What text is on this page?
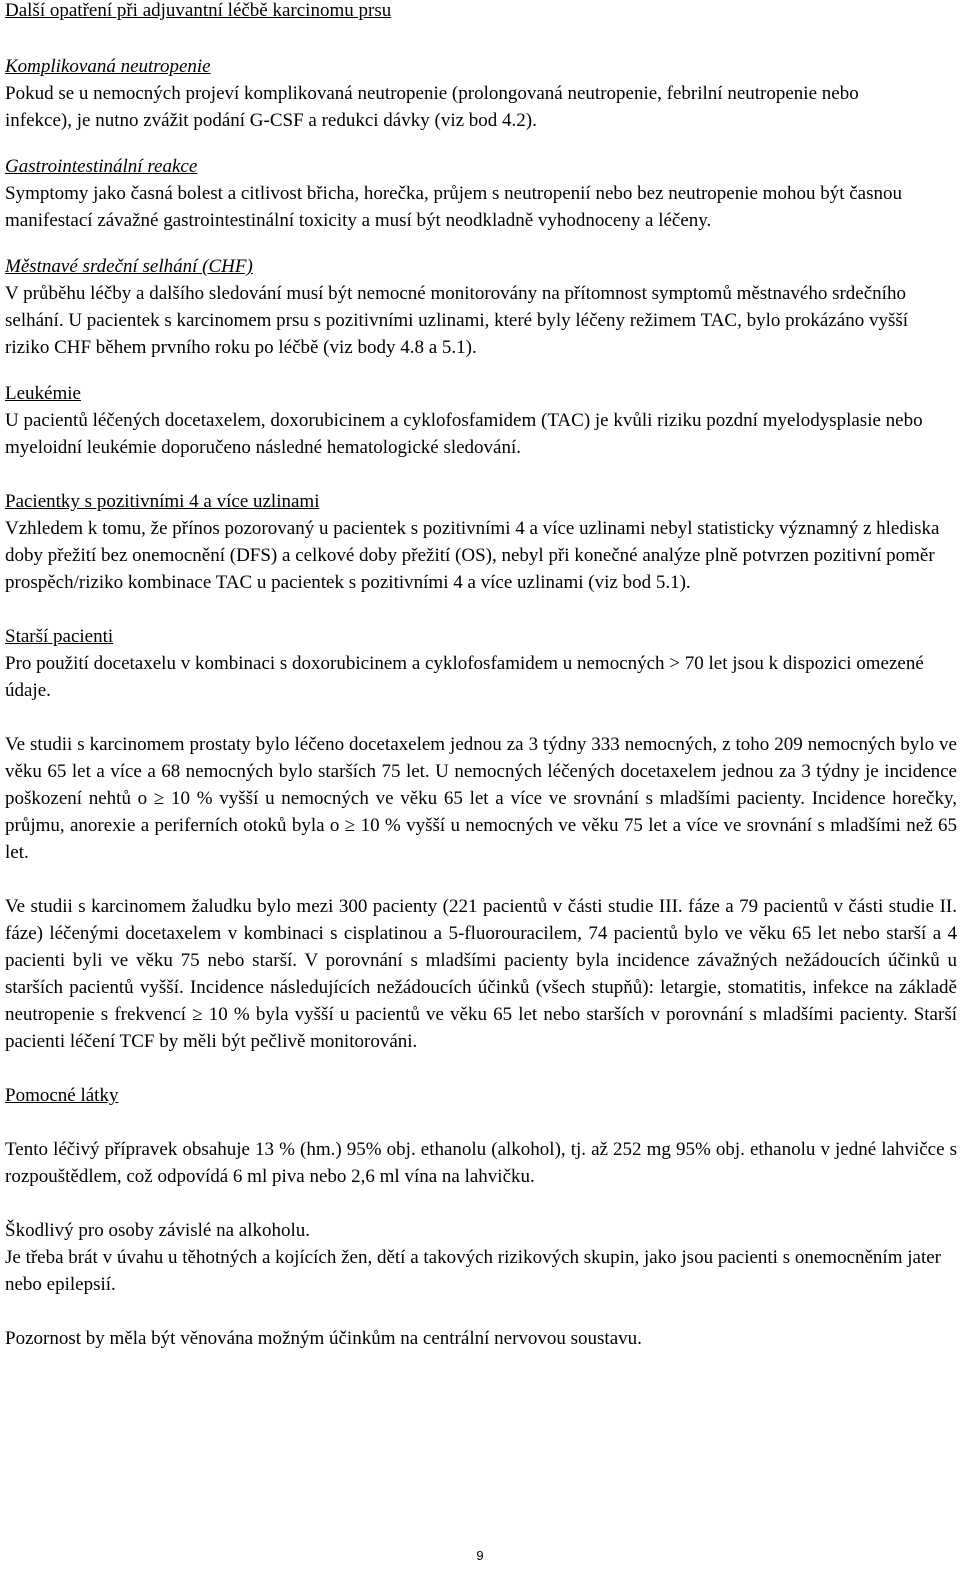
Další opatření při adjuvantní léčbě karcinomu prsu
Komplikovaná neutropenie

Pokud se u nemocných projeví komplikovaná neutropenie (prolongovaná neutropenie, febrilní neutropenie nebo infekce), je nutno zvážit podání G-CSF a redukci dávky (viz bod 4.2).

Gastrointestinální reakce

Symptomy jako časná bolest a citlivost břicha, horečka, průjem s neutropenií nebo bez neutropenie mohou být časnou manifestací závažné gastrointestinální toxicity a musí být neodkladně vyhodnoceny a léčeny.

Městnavé srdeční selhání (CHF)

V průběhu léčby a dalšího sledování musí být nemocné monitorovány na přítomnost symptomů městnavého srdečního selhání. U pacientek s karcinomem prsu s pozitivními uzlinami, které byly léčeny režimem TAC, bylo prokázáno vyšší riziko CHF během prvního roku po léčbě (viz body 4.8 a 5.1).

Leukémie

U pacientů léčených docetaxelem, doxorubicinem a cyklofosfamidem (TAC) je kvůli riziku pozdní myelodysplasie nebo myeloidní leukémie doporučeno následné hematologické sledování.

Pacientky s pozitivními 4 a více uzlinami

Vzhledem k tomu, že přínos pozorovaný u pacientek s pozitivními 4 a více uzlinami nebyl statisticky významný z hlediska doby přežití bez onemocnění (DFS) a celkové doby přežití (OS), nebyl při konečné analýze plně potvrzen pozitivní poměr prospěch/riziko kombinace TAC u pacientek s pozitivními 4 a více uzlinami (viz bod 5.1).

Starší pacienti

Pro použití docetaxelu v kombinaci s doxorubicinem a cyklofosfamidem u nemocných > 70 let jsou k dispozici omezené údaje.

Ve studii s karcinomem prostaty bylo léčeno docetaxelem jednou za 3 týdny 333 nemocných, z toho 209 nemocných bylo ve věku 65 let a více a 68 nemocných bylo starších 75 let. U nemocných léčených docetaxelem jednou za 3 týdny je incidence poškození nehtů o ≥ 10 % vyšší u nemocných ve věku 65 let a více ve srovnání s mladšími pacienty. Incidence horečky, průjmu, anorexie a periferních otoků byla o ≥ 10 % vyšší u nemocných ve věku 75 let a více ve srovnání s mladšími než 65 let.

Ve studii s karcinomem žaludku bylo mezi 300 pacienty (221 pacientů v části studie III. fáze a 79 pacientů v části studie II. fáze) léčenými docetaxelem v kombinaci s cisplatinou a 5-fluorouracilem, 74 pacientů bylo ve věku 65 let nebo starší a 4 pacienti byli ve věku 75 nebo starší. V porovnání s mladšími pacienty byla incidence závažných nežádoucích účinků u starších pacientů vyšší. Incidence následujících nežádoucích účinků (všech stupňů): letargie, stomatitis, infekce na základě neutropenie s frekvencí ≥ 10 % byla vyšší u pacientů ve věku 65 let nebo starších v porovnání s mladšími pacienty. Starší pacienti léčení TCF by měli být pečlivě monitorováni.

Pomocné látky

Tento léčivý přípravek obsahuje 13 % (hm.) 95% obj. ethanolu (alkohol), tj. až 252 mg 95% obj. ethanolu v jedné lahvičce s rozpouštědlem, což odpovídá 6 ml piva nebo 2,6 ml vína na lahvičku.

Škodlivý pro osoby závislé na alkoholu.

Je třeba brát v úvahu u těhotných a kojících žen, dětí a takových rizikových skupin, jako jsou pacienti s onemocněním jater nebo epilepsií.

Pozornost by měla být věnována možným účinkům na centrální nervovou soustavu.

9
